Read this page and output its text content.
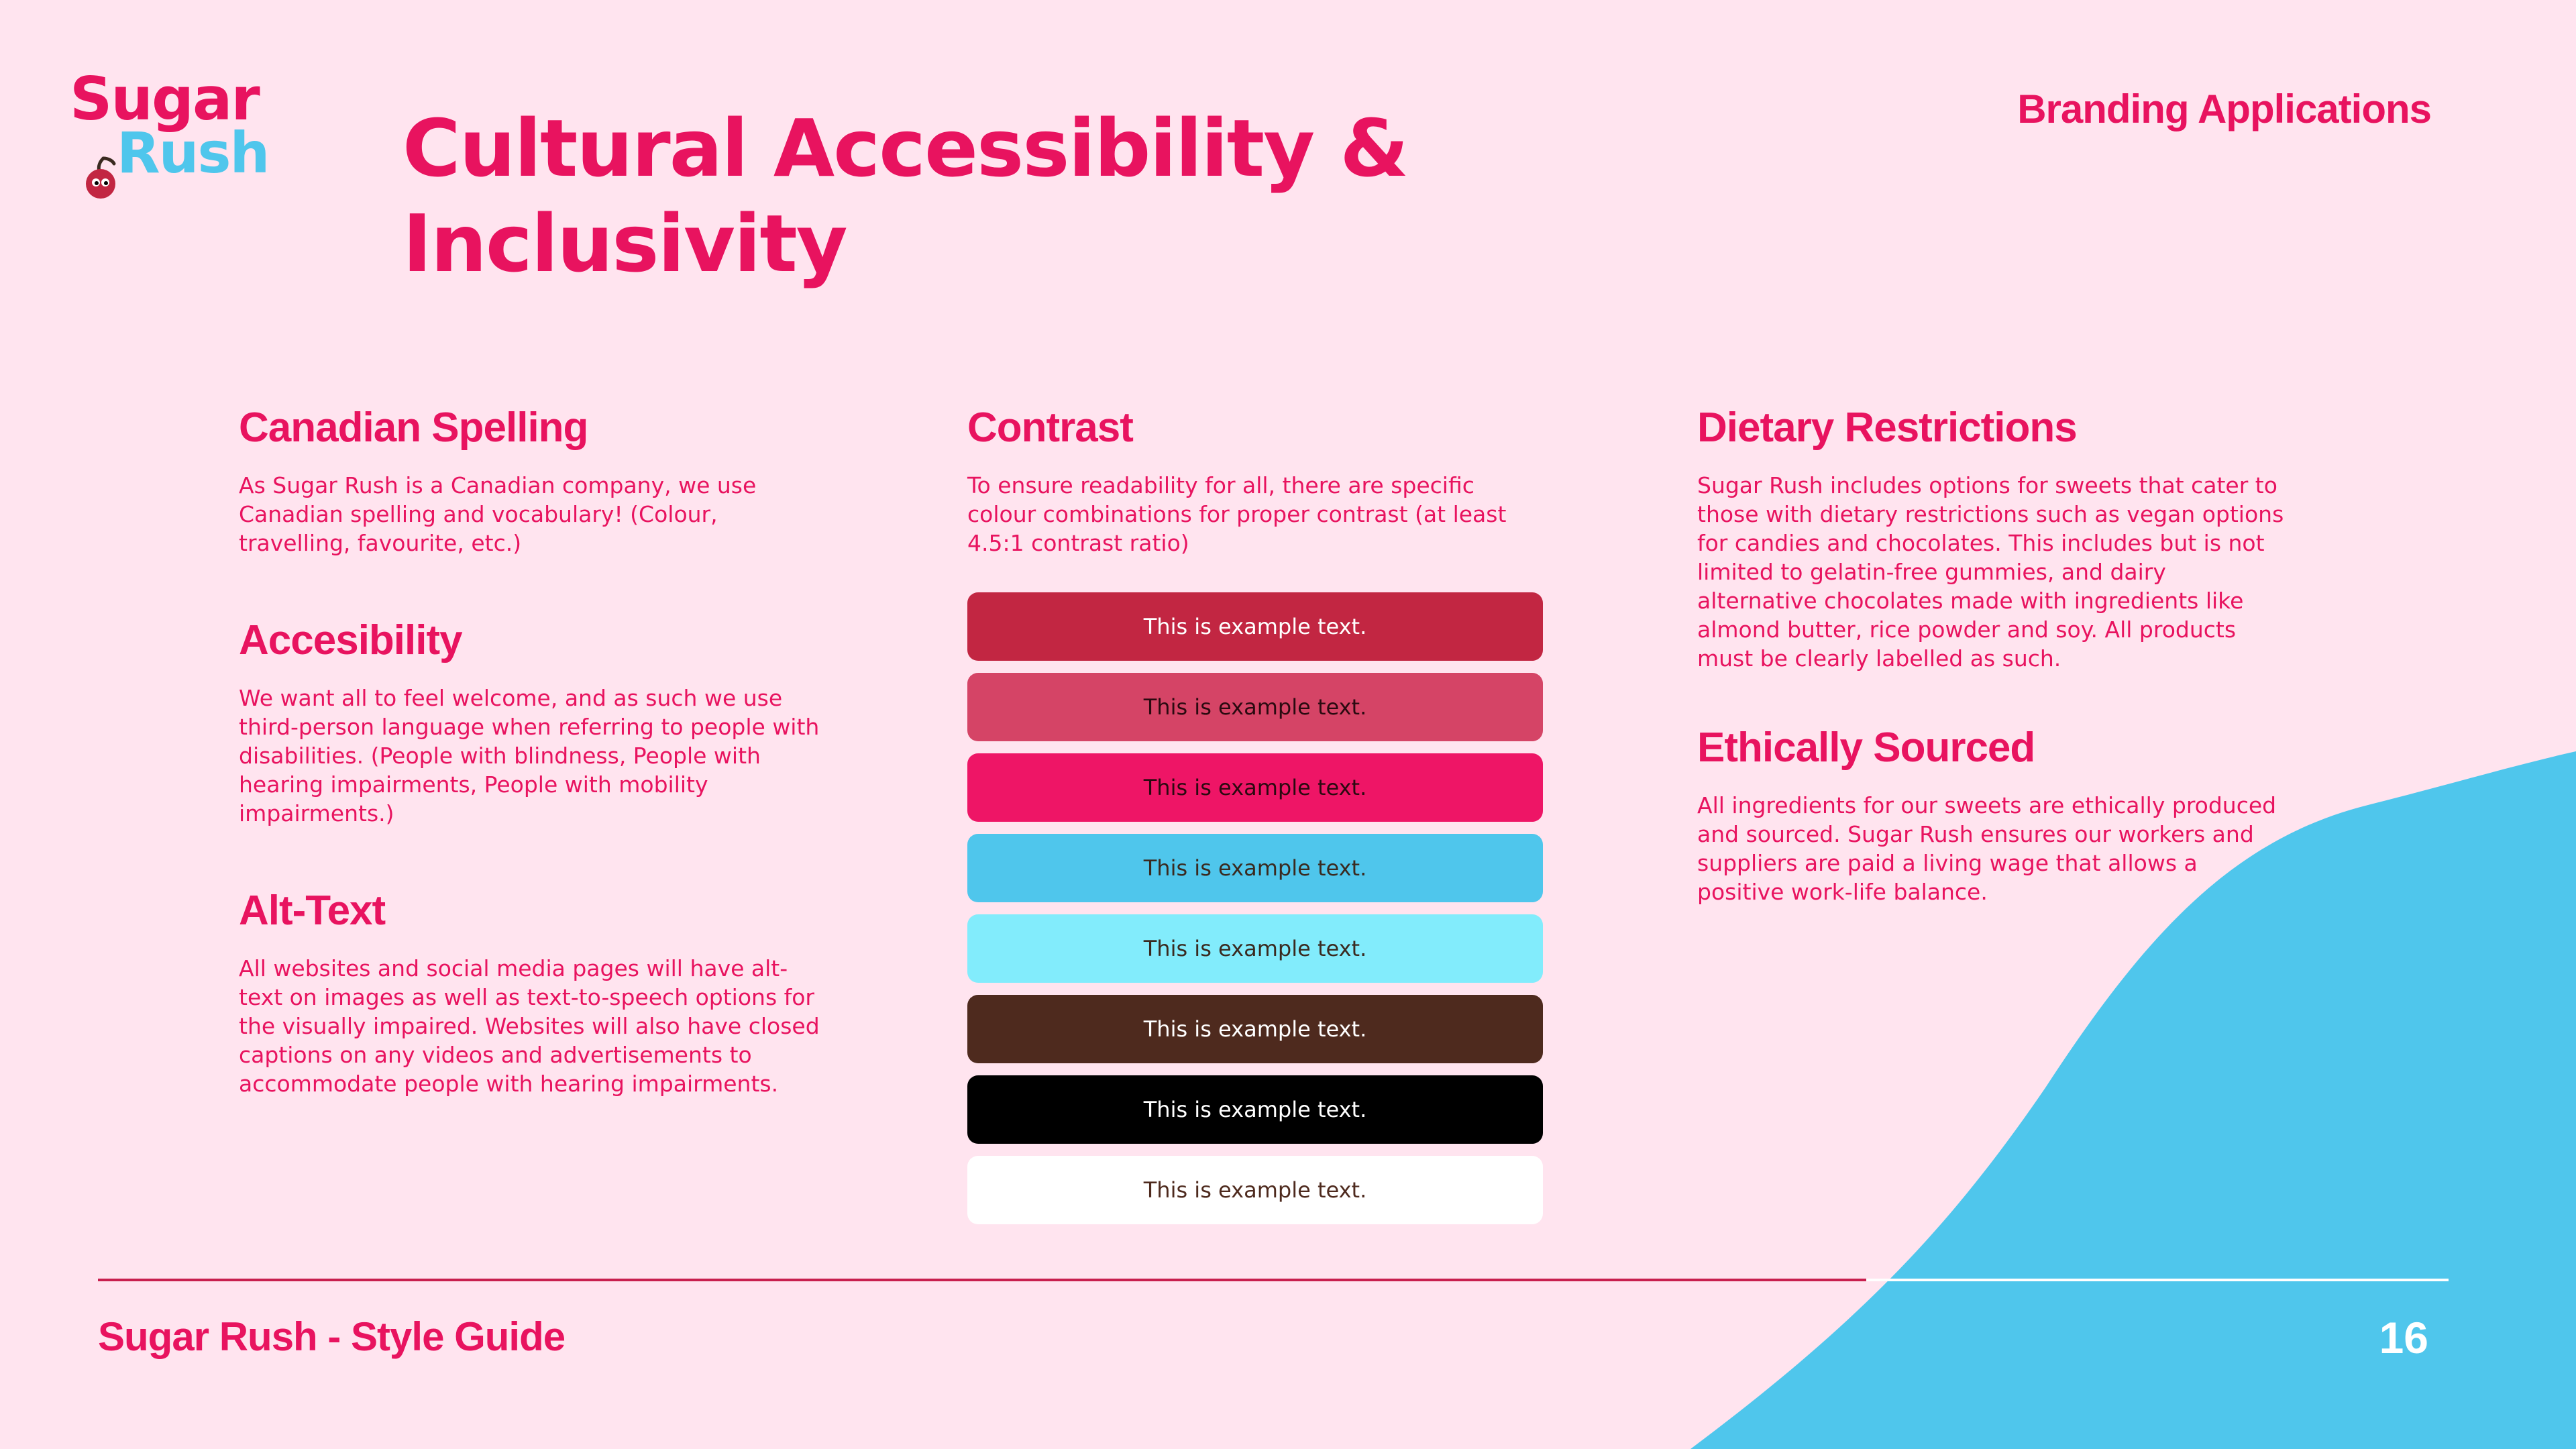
Sugar
Rush Cultural Accessibility & Inclusivity

Branding Applications

Canadian Spelling

As Sugar Rush is a Canadian company, we use Canadian spelling and vocabulary! (Colour, travelling, favourite, etc.)

Accesibility

We want all to feel welcome, and as such we use third-person language when referring to people with disabilities. (People with blindness, People with hearing impairments, People with mobility impairments.)

Alt-Text

All websites and social media pages will have alt-text on images as well as text-to-speech options for the visually impaired. Websites will also have closed captions on any videos and advertisements to accommodate people with hearing impairments.

Contrast

To ensure readability for all, there are specific colour combinations for proper contrast (at least 4.5:1 contrast ratio)

This is example text.
This is example text.
This is example text.
This is example text.
This is example text.
This is example text.
This is example text.
This is example text.
Dietary Restrictions

Sugar Rush includes options for sweets that cater to those with dietary restrictions such as vegan options for candies and chocolates. This includes but is not limited to gelatin-free gummies, and dairy alternative chocolates made with ingredients like almond butter, rice powder and soy. All products must be clearly labelled as such.

Ethically Sourced

All ingredients for our sweets are ethically produced and sourced. Sugar Rush ensures our workers and suppliers are paid a living wage that allows a positive work-life balance.

Sugar Rush - Style Guide	16
